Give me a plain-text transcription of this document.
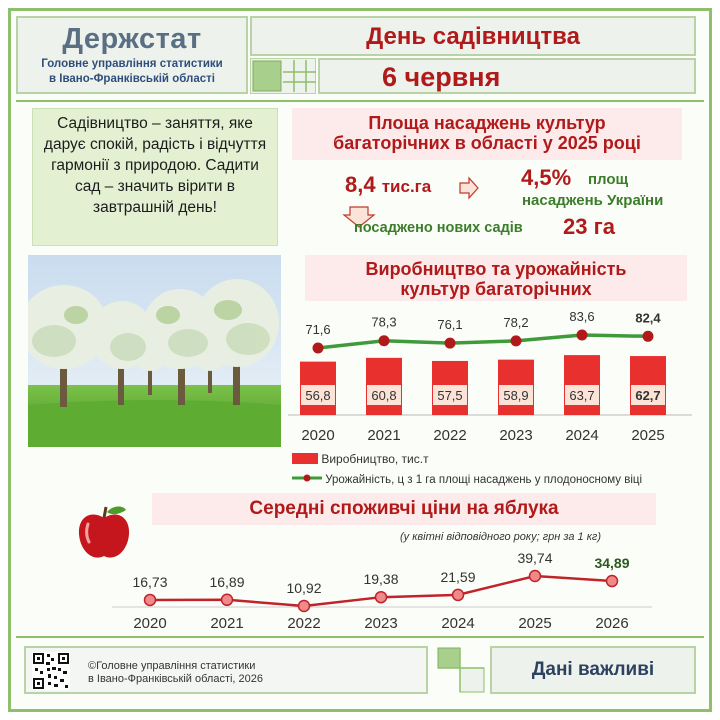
Держстат
Головне управління статистики
в Івано-Франківській області
День садівництва
6 червня
Садівництво – заняття, яке дарує спокій, радість і відчуття гармонії з природою. Садити сад – значить вірити в завтрашній день!
Площа насаджень культур
багаторічних в області у 2025 році
8,4 тис.га	4,5% площ
насаджень України
посаджено нових садів 23 га
Виробництво та урожайність
культур багаторічних
56,8
2020
60,8
2021
57,5
2022
58,9
2023
63,7
2024
62,7
2025
71,6	78,3	76,1	78,2	83,6	82,4
Виробництво, тис.т
Урожайність, ц з 1 га площі насаджень у плодоносному віці
Середні споживчі ціни на яблука
(у квітні відповідного року; грн за 1 кг)
16,73
2020
16,89
2021
10,92
2022
19,38
2023
21,59
2024
39,74
2025
34,89
2026
©Головне управління статистики
в Івано-Франківській області, 2026	Дані важливі
